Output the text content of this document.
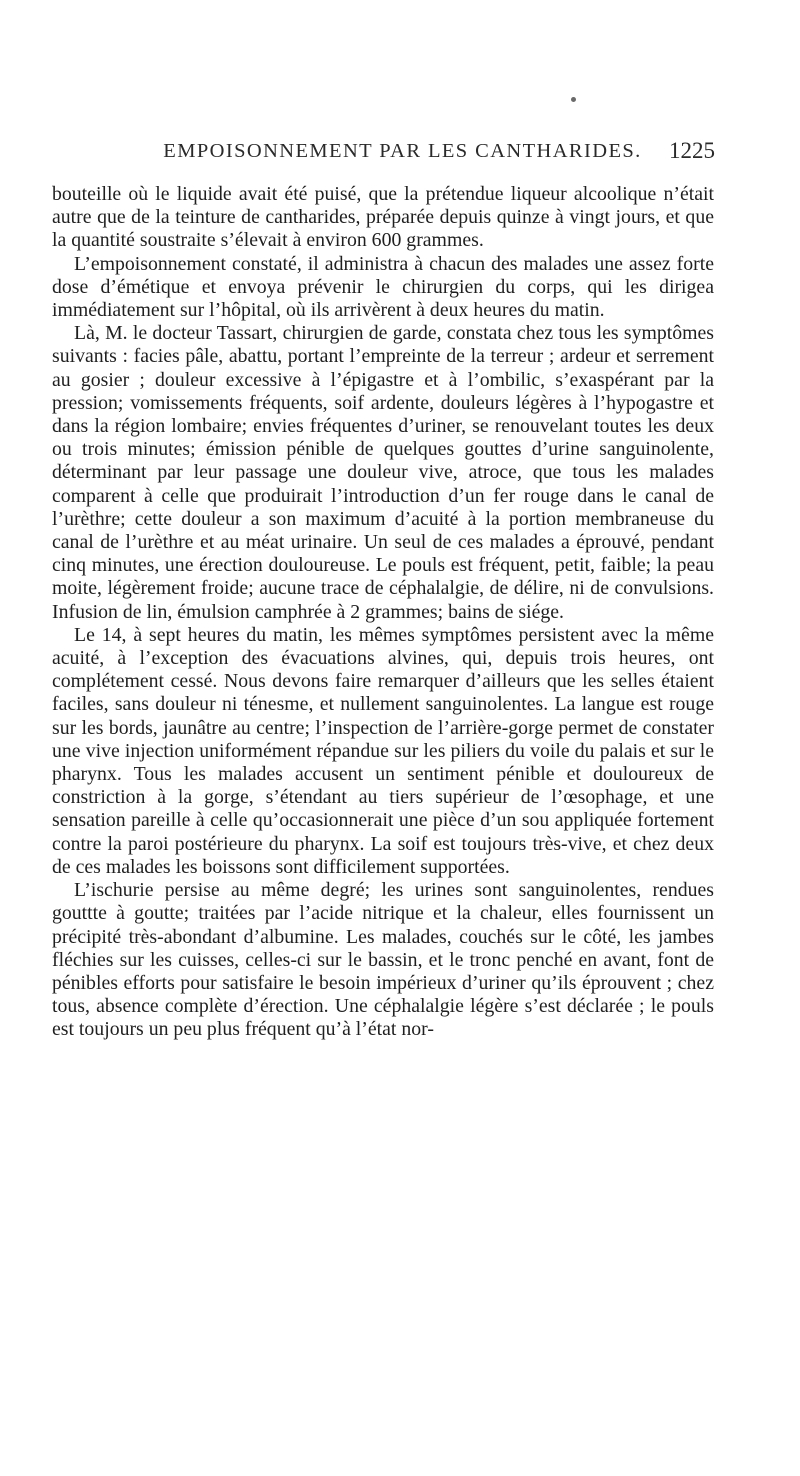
EMPOISONNEMENT PAR LES CANTHARIDES.	1225

bouteille où le liquide avait été puisé, que la prétendue liqueur alcoolique n’était autre que de la teinture de cantharides, préparée depuis quinze à vingt jours, et que la quantité soustraite s’élevait à environ 600 grammes.

L’empoisonnement constaté, il administra à chacun des malades une assez forte dose d’émétique et envoya prévenir le chirurgien du corps, qui les dirigea immédiatement sur l’hôpital, où ils arrivèrent à deux heures du matin.

Là, M. le docteur Tassart, chirurgien de garde, constata chez tous les symptômes suivants : facies pâle, abattu, portant l’empreinte de la terreur ; ardeur et serrement au gosier ; douleur excessive à l’épigastre et à l’ombilic, s’exaspérant par la pression; vomissements fréquents, soif ardente, douleurs légères à l’hypogastre et dans la région lombaire; envies fréquentes d’uriner, se renouvelant toutes les deux ou trois minutes; émission pénible de quelques gouttes d’urine sanguinolente, déterminant par leur passage une douleur vive, atroce, que tous les malades comparent à celle que produirait l’introduction d’un fer rouge dans le canal de l’urèthre; cette douleur a son maximum d’acuité à la portion membraneuse du canal de l’urèthre et au méat urinaire. Un seul de ces malades a éprouvé, pendant cinq minutes, une érection douloureuse. Le pouls est fréquent, petit, faible; la peau moite, légèrement froide; aucune trace de céphalalgie, de délire, ni de convulsions. Infusion de lin, émulsion camphrée à 2 grammes; bains de siége.

Le 14, à sept heures du matin, les mêmes symptômes persistent avec la même acuité, à l’exception des évacuations alvines, qui, depuis trois heures, ont complétement cessé. Nous devons faire remarquer d’ailleurs que les selles étaient faciles, sans douleur ni ténesme, et nullement sanguinolentes. La langue est rouge sur les bords, jaunâtre au centre; l’inspection de l’arrière-gorge permet de constater une vive injection uniformément répandue sur les piliers du voile du palais et sur le pharynx. Tous les malades accusent un sentiment pénible et douloureux de constriction à la gorge, s’étendant au tiers supérieur de l’œsophage, et une sensation pareille à celle qu’occasionnerait une pièce d’un sou appliquée fortement contre la paroi postérieure du pharynx. La soif est toujours très-vive, et chez deux de ces malades les boissons sont difficilement supportées.

L’ischurie persise au même degré; les urines sont sanguinolentes, rendues gouttte à goutte; traitées par l’acide nitrique et la chaleur, elles fournissent un précipité très-abondant d’albumine. Les malades, couchés sur le côté, les jambes fléchies sur les cuisses, celles-ci sur le bassin, et le tronc penché en avant, font de pénibles efforts pour satisfaire le besoin impérieux d’uriner qu’ils éprouvent ; chez tous, absence complète d’érection. Une céphalalgie légère s’est déclarée ; le pouls est toujours un peu plus fréquent qu’à l’état nor-
